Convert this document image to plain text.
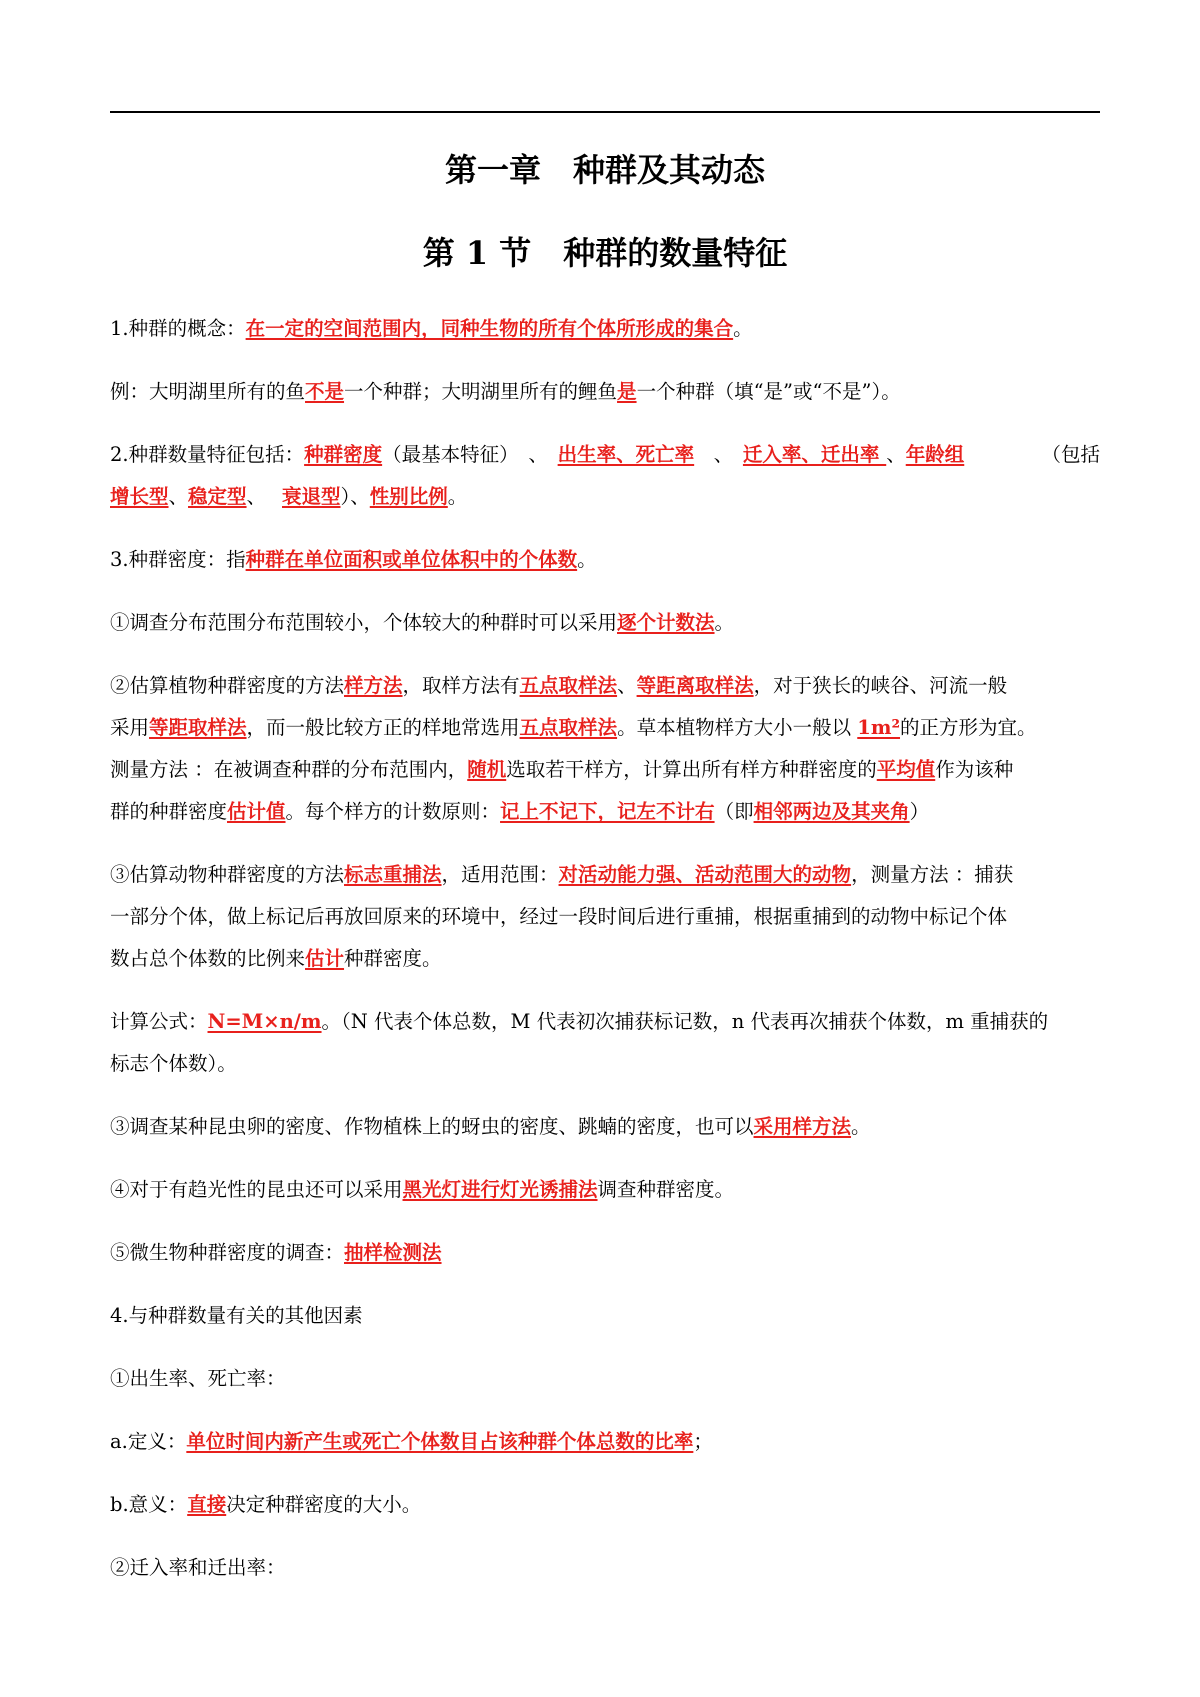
第一章　种群及其动态
第 1 节　种群的数量特征
1.种群的概念：在一定的空间范围内，同种生物的所有个体所形成的集合。
例：大明湖里所有的鱼不是一个种群；大明湖里所有的鲤鱼是一个种群（填“是”或“不是”）。
2.种群数量特征包括：种群密度（最基本特征）　、　出生率、死亡率　、　迁入率、迁出率 、年龄组	（包括
增长型、稳定型、　 衰退型）、性别比例。
3.种群密度：指种群在单位面积或单位体积中的个体数。
①调查分布范围分布范围较小，个体较大的种群时可以采用逐个计数法。
②估算植物种群密度的方法样方法，取样方法有五点取样法、等距离取样法，对于狭长的峡谷、河流一般
采用等距取样法，而一般比较方正的样地常选用五点取样法。草本植物样方大小一般以 1m²的正方形为宜。
测量方法 ：在被调查种群的分布范围内，随机选取若干样方，计算出所有样方种群密度的平均值作为该种
群的种群密度估计值。每个样方的计数原则：记上不记下，记左不计右（即相邻两边及其夹角）
③估算动物种群密度的方法标志重捕法，适用范围：对活动能力强、活动范围大的动物，测量方法 ：捕获
一部分个体，做上标记后再放回原来的环境中，经过一段时间后进行重捕，根据重捕到的动物中标记个体
数占总个体数的比例来估计种群密度。
计算公式：N=M×n/m。（N 代表个体总数，M 代表初次捕获标记数，n 代表再次捕获个体数，m 重捕获的
标志个体数）。
③调查某种昆虫卵的密度、作物植株上的蚜虫的密度、跳蝻的密度，也可以采用样方法。
④对于有趋光性的昆虫还可以采用黑光灯进行灯光诱捕法调查种群密度。
⑤微生物种群密度的调查：抽样检测法
4.与种群数量有关的其他因素
①出生率、死亡率：
a.定义：单位时间内新产生或死亡个体数目占该种群个体总数的比率；
b.意义：直接决定种群密度的大小。
②迁入率和迁出率：
